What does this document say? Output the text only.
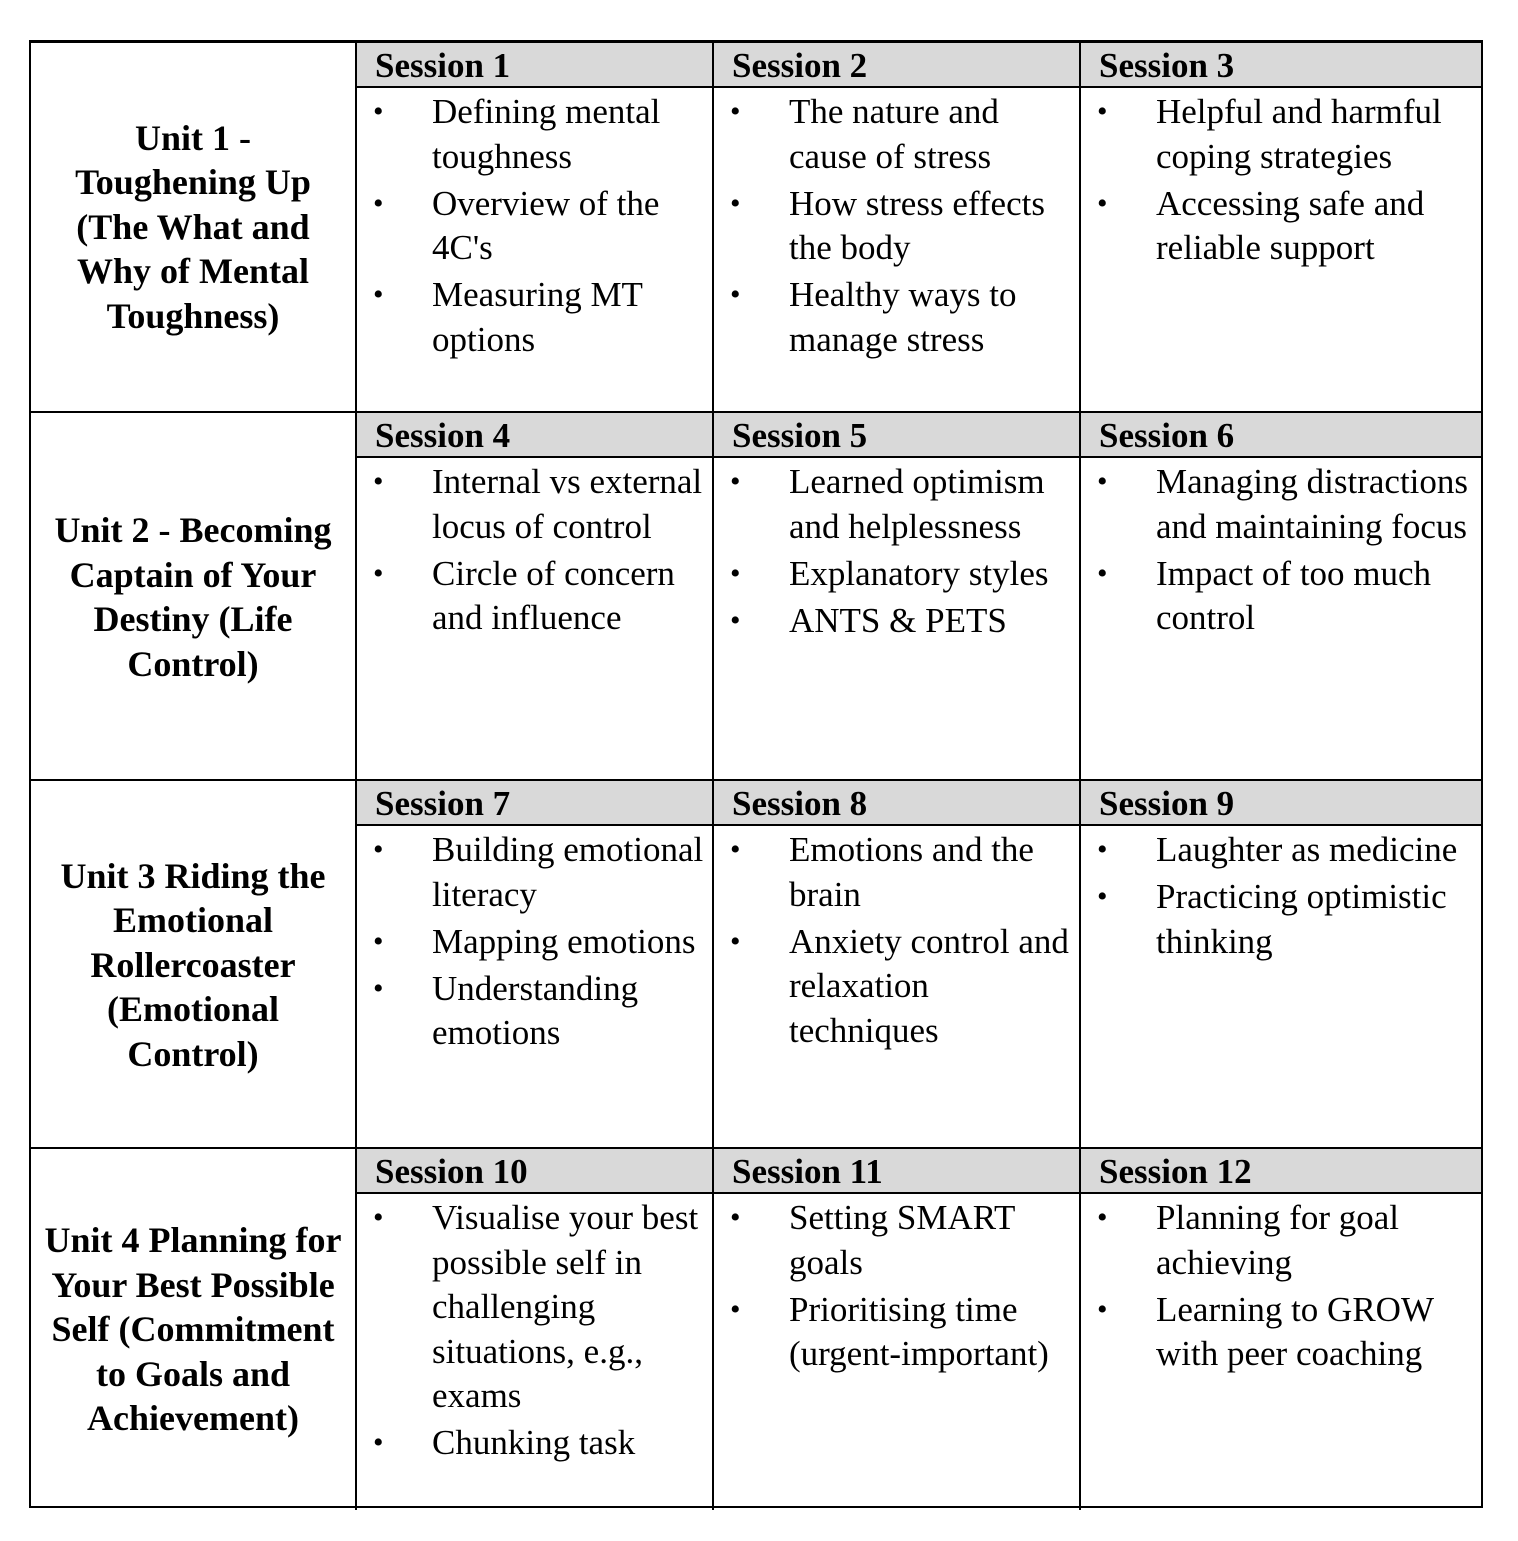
Unit 1 - Toughening Up (The What and Why of Mental Toughness)

Session 1
• Defining mental toughness
• Overview of the 4C's
• Measuring MT options
Session 2
• The nature and cause of stress
• How stress effects the body
• Healthy ways to manage stress
Session 3
• Helpful and harmful coping strategies
• Accessing safe and reliable support

Unit 2 - Becoming Captain of Your Destiny (Life Control)

Session 4
• Internal vs external locus of control
• Circle of concern and influence
Session 5
• Learned optimism and helplessness
• Explanatory styles
• ANTS & PETS
Session 6
• Managing distractions and maintaining focus
• Impact of too much control

Unit 3 Riding the Emotional Rollercoaster (Emotional Control)

Session 7
• Building emotional literacy
• Mapping emotions
• Understanding emotions
Session 8
• Emotions and the brain
• Anxiety control and relaxation techniques
Session 9
• Laughter as medicine
• Practicing optimistic thinking

Unit 4 Planning for Your Best Possible Self (Commitment to Goals and Achievement)

Session 10
• Visualise your best possible self in challenging situations, e.g., exams
• Chunking task
Session 11
• Setting SMART goals
• Prioritising time (urgent-important)
Session 12
• Planning for goal achieving
• Learning to GROW with peer coaching
